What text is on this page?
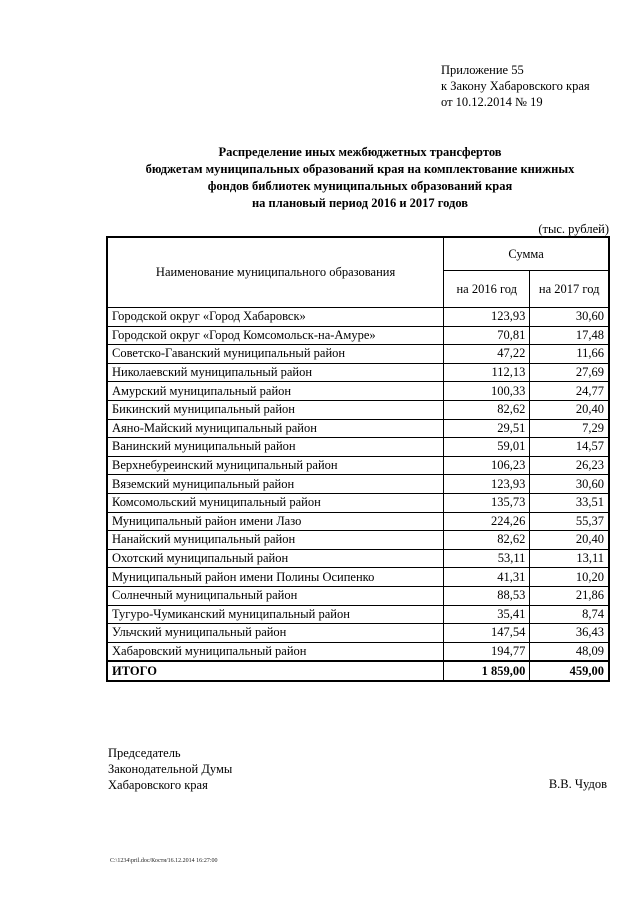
Приложение 55
к Закону Хабаровского края
от 10.12.2014 № 19
Распределение иных межбюджетных трансфертов
бюджетам муниципальных образований края на комплектование книжных
фондов библиотек муниципальных образований края
на плановый период 2016 и 2017 годов
(тыс. рублей)
Наименование муниципального образования	Сумма	
	на 2016 год	на 2017 год
Городской округ «Город Хабаровск»	123,93	30,60
Городской округ «Город Комсомольск-на-Амуре»	70,81	17,48
Советско-Гаванский муниципальный район	47,22	11,66
Николаевский муниципальный район	112,13	27,69
Амурский муниципальный район	100,33	24,77
Бикинский муниципальный район	82,62	20,40
Аяно-Майский муниципальный район	29,51	7,29
Ванинский муниципальный район	59,01	14,57
Верхнебуреинский муниципальный район	106,23	26,23
Вяземский муниципальный район	123,93	30,60
Комсомольский муниципальный район	135,73	33,51
Муниципальный район имени Лазо	224,26	55,37
Нанайский муниципальный район	82,62	20,40
Охотский муниципальный район	53,11	13,11
Муниципальный район имени Полины Осипенко	41,31	10,20
Солнечный муниципальный район	88,53	21,86
Тугуро-Чумиканский муниципальный район	35,41	8,74
Ульчский муниципальный район	147,54	36,43
Хабаровский муниципальный район	194,77	48,09
ИТОГО	1 859,00	459,00
Председатель
Законодательной Думы
Хабаровского края	В.В. Чудов
C:\1234\pril.doc/Костя/16.12.2014 16:27:00
